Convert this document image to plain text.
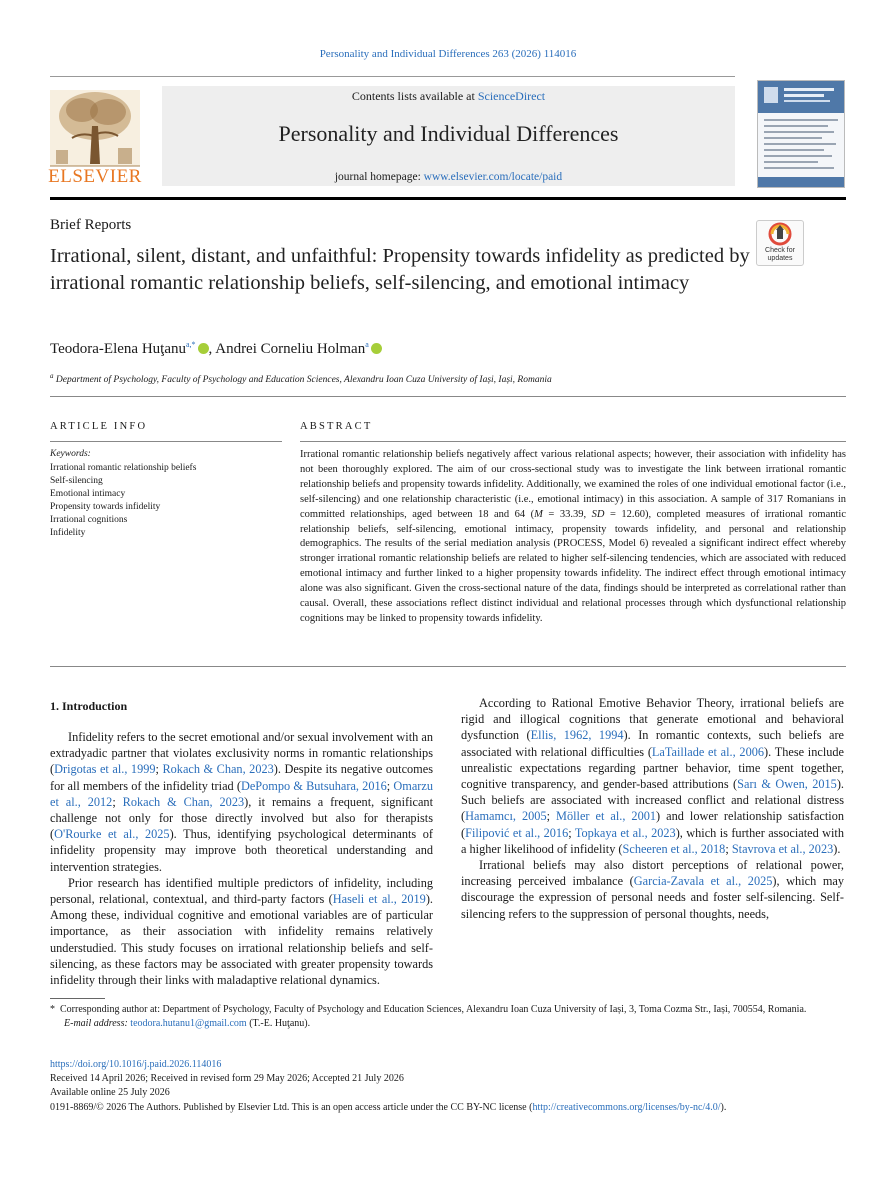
Personality and Individual Differences 263 (2026) 114016
ELSEVIER
Contents lists available at ScienceDirect
Personality and Individual Differences
journal homepage: www.elsevier.com/locate/paid
Brief Reports
Check for
updates
Irrational, silent, distant, and unfaithful: Propensity towards infidelity as predicted by irrational romantic relationship beliefs, self-silencing, and emotional intimacy
Teodora-Elena Huţanu$^{a,*}$ , Andrei Corneliu Holman$^a$
$^a$ Department of Psychology, Faculty of Psychology and Education Sciences, Alexandru Ioan Cuza University of Iași, Iași, Romania
ARTICLE INFO	ABSTRACT
Keywords:
Irrational romantic relationship beliefs
Self-silencing
Emotional intimacy
Propensity towards infidelity
Irrational cognitions
Infidelity
Irrational romantic relationship beliefs negatively affect various relational aspects; however, their association with infidelity has not been thoroughly explored. The aim of our cross-sectional study was to investigate the link between irrational romantic relationship beliefs and propensity towards infidelity. Additionally, we examined the roles of one individual emotional factor (i.e., self-silencing) and one relationship characteristic (i.e., emotional intimacy) in this association. A sample of 317 Romanians in committed relationships, aged between 18 and 64 (M = 33.39, SD = 12.60), completed measures of irrational romantic relationship beliefs, self-silencing, emotional intimacy, propensity towards infidelity, and personal and relationship demographics. The results of the serial mediation analysis (PROCESS, Model 6) revealed a significant indirect effect whereby stronger irrational romantic relationship beliefs are related to higher self-silencing tendencies, which are associated with reduced emotional intimacy and further linked to a higher propensity towards infidelity. The indirect effect through emotional intimacy alone was also significant. Given the cross-sectional nature of the data, findings should be interpreted as correlational rather than causal. Overall, these associations reflect distinct individual and relational processes through which dysfunctional relationship cognitions may be linked to propensity towards infidelity.
1. Introduction

Infidelity refers to the secret emotional and/or sexual involvement with an extradyadic partner that violates exclusivity norms in romantic relationships (Drigotas et al., 1999; Rokach & Chan, 2023). Despite its negative outcomes for all members of the infidelity triad (DePompo & Butsuhara, 2016; Omarzu et al., 2012; Rokach & Chan, 2023), it remains a frequent, significant challenge not only for those directly involved but also for therapists (O'Rourke et al., 2025). Thus, identifying psychological determinants of infidelity propensity may improve both theoretical understanding and intervention strategies.

Prior research has identified multiple predictors of infidelity, including personal, relational, contextual, and third-party factors (Haseli et al., 2019). Among these, individual cognitive and emotional variables are of particular importance, as their association with infidelity remains relatively understudied. This study focuses on irrational relationship beliefs and self-silencing, as these factors may be associated with greater propensity towards infidelity through their links with maladaptive relational dynamics.

According to Rational Emotive Behavior Theory, irrational beliefs are rigid and illogical cognitions that generate emotional and behavioral dysfunction (Ellis, 1962, 1994). In romantic contexts, such beliefs are associated with relational difficulties (LaTaillade et al., 2006). These include unrealistic expectations regarding partner behavior, time spent together, cognitive transparency, and gender-based attributions (Sarı & Owen, 2015). Such beliefs are associated with increased conflict and relational distress (Hamamcı, 2005; Möller et al., 2001) and lower relationship satisfaction (Filipović et al., 2016; Topkaya et al., 2023), which is further associated with a higher likelihood of infidelity (Scheeren et al., 2018; Stavrova et al., 2023).

Irrational beliefs may also distort perceptions of relational power, increasing perceived imbalance (Garcia-Zavala et al., 2025), which may discourage the expression of personal needs and foster self-silencing. Self-silencing refers to the suppression of personal thoughts, needs,

* Corresponding author at: Department of Psychology, Faculty of Psychology and Education Sciences, Alexandru Ioan Cuza University of Iași, 3, Toma Cozma Str., Iași, 700554, Romania.
E-mail address: teodora.hutanu1@gmail.com (T.-E. Huţanu).
https://doi.org/10.1016/j.paid.2026.114016
Received 14 April 2026; Received in revised form 29 May 2026; Accepted 21 July 2026
Available online 25 July 2026
0191-8869/© 2026 The Authors. Published by Elsevier Ltd. This is an open access article under the CC BY-NC license (http://creativecommons.org/licenses/by-nc/4.0/).
